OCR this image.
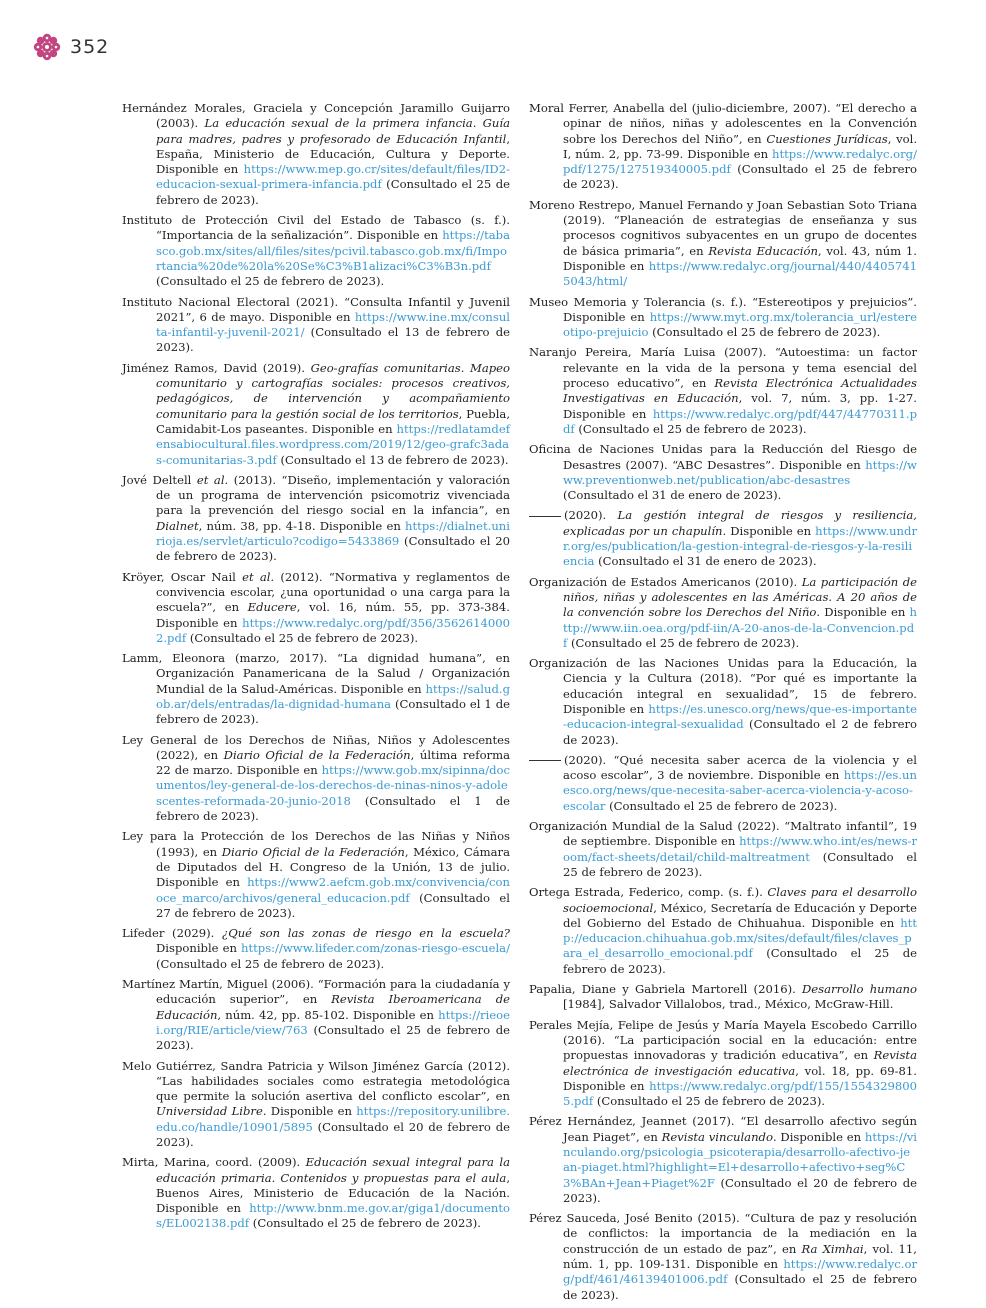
352

Hernández Morales, Graciela y Concepción Jaramillo Guijarro (2003). La educación sexual de la primera infancia. Guía para madres, padres y profesorado de Educación Infantil, España, Ministerio de Educación, Cultura y Deporte. Disponible en https://www.mep.go.cr/sites/default/files/ID2-educacion-sexual-primera-infancia.pdf (Consultado el 25 de febrero de 2023).

Instituto de Protección Civil del Estado de Tabasco (s. f.). “Importancia de la señalización”. Disponible en https://tabasco.gob.mx/sites/all/files/sites/pcivil.tabasco.gob.mx/fi/Importancia%20de%20la%20Se%C3%B1alizaci%C3%B3n.pdf (Consultado el 25 de febrero de 2023).

Instituto Nacional Electoral (2021). “Consulta Infantil y Juvenil 2021”, 6 de mayo. Disponible en https://www.ine.mx/consulta-infantil-y-juvenil-2021/ (Consultado el 13 de febrero de 2023).

Jiménez Ramos, David (2019). Geo-grafías comunitarias. Mapeo comunitario y cartografías sociales: procesos creativos, pedagógicos, de intervención y acompañamiento comunitario para la gestión social de los territorios, Puebla, Camidabit-Los paseantes. Disponible en https://redlatamdefensabiocultural.files.wordpress.com/2019/12/geo-grafc3adas-comunitarias-3.pdf (Consultado el 13 de febrero de 2023).

Jové Deltell et al. (2013). “Diseño, implementación y valoración de un programa de intervención psicomotriz vivenciada para la prevención del riesgo social en la infancia”, en Dialnet, núm. 38, pp. 4-18. Disponible en https://dialnet.unirioja.es/servlet/articulo?codigo=5433869 (Consultado el 20 de febrero de 2023).

Kröyer, Oscar Nail et al. (2012). “Normativa y reglamentos de convivencia escolar, ¿una oportunidad o una carga para la escuela?”, en Educere, vol. 16, núm. 55, pp. 373-384. Disponible en https://www.redalyc.org/pdf/356/35626140002.pdf (Consultado el 25 de febrero de 2023).

Lamm, Eleonora (marzo, 2017). “La dignidad humana”, en Organización Panamericana de la Salud / Organización Mundial de la Salud-Américas. Disponible en https://salud.gob.ar/dels/entradas/la-dignidad-humana (Consultado el 1 de febrero de 2023).

Ley General de los Derechos de Niñas, Niños y Adolescentes (2022), en Diario Oficial de la Federación, última reforma 22 de marzo. Disponible en https://www.gob.mx/sipinna/documentos/ley-general-de-los-derechos-de-ninas-ninos-y-adolescentes-reformada-20-junio-2018 (Consultado el 1 de febrero de 2023).

Ley para la Protección de los Derechos de las Niñas y Niños (1993), en Diario Oficial de la Federación, México, Cámara de Diputados del H. Congreso de la Unión, 13 de julio. Disponible en https://www2.aefcm.gob.mx/convivencia/conoce_marco/archivos/general_educacion.pdf (Consultado el 27 de febrero de 2023).

Lifeder (2029). ¿Qué son las zonas de riesgo en la escuela? Disponible en https://www.lifeder.com/zonas-riesgo-escuela/ (Consultado el 25 de febrero de 2023).

Martínez Martín, Miguel (2006). “Formación para la ciudadanía y educación superior”, en Revista Iberoamericana de Educación, núm. 42, pp. 85-102. Disponible en https://rieoei.org/RIE/article/view/763 (Consultado el 25 de febrero de 2023).

Melo Gutiérrez, Sandra Patricia y Wilson Jiménez García (2012). “Las habilidades sociales como estrategia metodológica que permite la solución asertiva del conflicto escolar”, en Universidad Libre. Disponible en https://repository.unilibre.edu.co/handle/10901/5895 (Consultado el 20 de febrero de 2023).

Mirta, Marina, coord. (2009). Educación sexual integral para la educación primaria. Contenidos y propuestas para el aula, Buenos Aires, Ministerio de Educación de la Nación. Disponible en http://www.bnm.me.gov.ar/giga1/documentos/EL002138.pdf (Consultado el 25 de febrero de 2023).

Moral Ferrer, Anabella del (julio-diciembre, 2007). “El derecho a opinar de niños, niñas y adolescentes en la Convención sobre los Derechos del Niño”, en Cuestiones Jurídicas, vol. I, núm. 2, pp. 73-99. Disponible en https://www.redalyc.org/pdf/1275/127519340005.pdf (Consultado el 25 de febrero de 2023).

Moreno Restrepo, Manuel Fernando y Joan Sebastian Soto Triana (2019). “Planeación de estrategias de enseñanza y sus procesos cognitivos subyacentes en un grupo de docentes de básica primaria”, en Revista Educación, vol. 43, núm 1. Disponible en https://www.redalyc.org/journal/440/44057415043/html/

Museo Memoria y Tolerancia (s. f.). “Estereotipos y prejuicios”. Disponible en https://www.myt.org.mx/tolerancia_url/estereotipo-prejuicio (Consultado el 25 de febrero de 2023).

Naranjo Pereira, María Luisa (2007). “Autoestima: un factor relevante en la vida de la persona y tema esencial del proceso educativo”, en Revista Electrónica Actualidades Investigativas en Educación, vol. 7, núm. 3, pp. 1-27. Disponible en https://www.redalyc.org/pdf/447/44770311.pdf (Consultado el 25 de febrero de 2023).

Oficina de Naciones Unidas para la Reducción del Riesgo de Desastres (2007). “ABC Desastres”. Disponible en https://www.preventionweb.net/publication/abc-desastres (Consultado el 31 de enero de 2023).

(2020). La gestión integral de riesgos y resiliencia, explicadas por un chapulín. Disponible en https://www.undrr.org/es/publication/la-gestion-integral-de-riesgos-y-la-resiliencia (Consultado el 31 de enero de 2023).

Organización de Estados Americanos (2010). La participación de niños, niñas y adolescentes en las Américas. A 20 años de la convención sobre los Derechos del Niño. Disponible en http://www.iin.oea.org/pdf-iin/A-20-anos-de-la-Convencion.pdf (Consultado el 25 de febrero de 2023).

Organización de las Naciones Unidas para la Educación, la Ciencia y la Cultura (2018). “Por qué es importante la educación integral en sexualidad”, 15 de febrero. Disponible en https://es.unesco.org/news/que-es-importante-educacion-integral-sexualidad (Consultado el 2 de febrero de 2023).

(2020). “Qué necesita saber acerca de la violencia y el acoso escolar”, 3 de noviembre. Disponible en https://es.unesco.org/news/que-necesita-saber-acerca-violencia-y-acoso-escolar (Consultado el 25 de febrero de 2023).

Organización Mundial de la Salud (2022). “Maltrato infantil”, 19 de septiembre. Disponible en https://www.who.int/es/news-room/fact-sheets/detail/child-maltreatment (Consultado el 25 de febrero de 2023).

Ortega Estrada, Federico, comp. (s. f.). Claves para el desarrollo socioemocional, México, Secretaría de Educación y Deporte del Gobierno del Estado de Chihuahua. Disponible en http://educacion.chihuahua.gob.mx/sites/default/files/claves_para_el_desarrollo_emocional.pdf (Consultado el 25 de febrero de 2023).

Papalia, Diane y Gabriela Martorell (2016). Desarrollo humano [1984], Salvador Villalobos, trad., México, McGraw-Hill.

Perales Mejía, Felipe de Jesús y María Mayela Escobedo Carrillo (2016). “La participación social en la educación: entre propuestas innovadoras y tradición educativa”, en Revista electrónica de investigación educativa, vol. 18, pp. 69-81. Disponible en https://www.redalyc.org/pdf/155/15543298005.pdf (Consultado el 25 de febrero de 2023).

Pérez Hernández, Jeannet (2017). “El desarrollo afectivo según Jean Piaget”, en Revista vinculando. Disponible en https://vinculando.org/psicologia_psicoterapia/desarrollo-afectivo-jean-piaget.html?highlight=El+desarrollo+afectivo+seg%C3%BAn+Jean+Piaget%2F (Consultado el 20 de febrero de 2023).

Pérez Sauceda, José Benito (2015). “Cultura de paz y resolución de conflictos: la importancia de la mediación en la construcción de un estado de paz”, en Ra Ximhai, vol. 11, núm. 1, pp. 109-131. Disponible en https://www.redalyc.org/pdf/461/46139401006.pdf (Consultado el 25 de febrero de 2023).
